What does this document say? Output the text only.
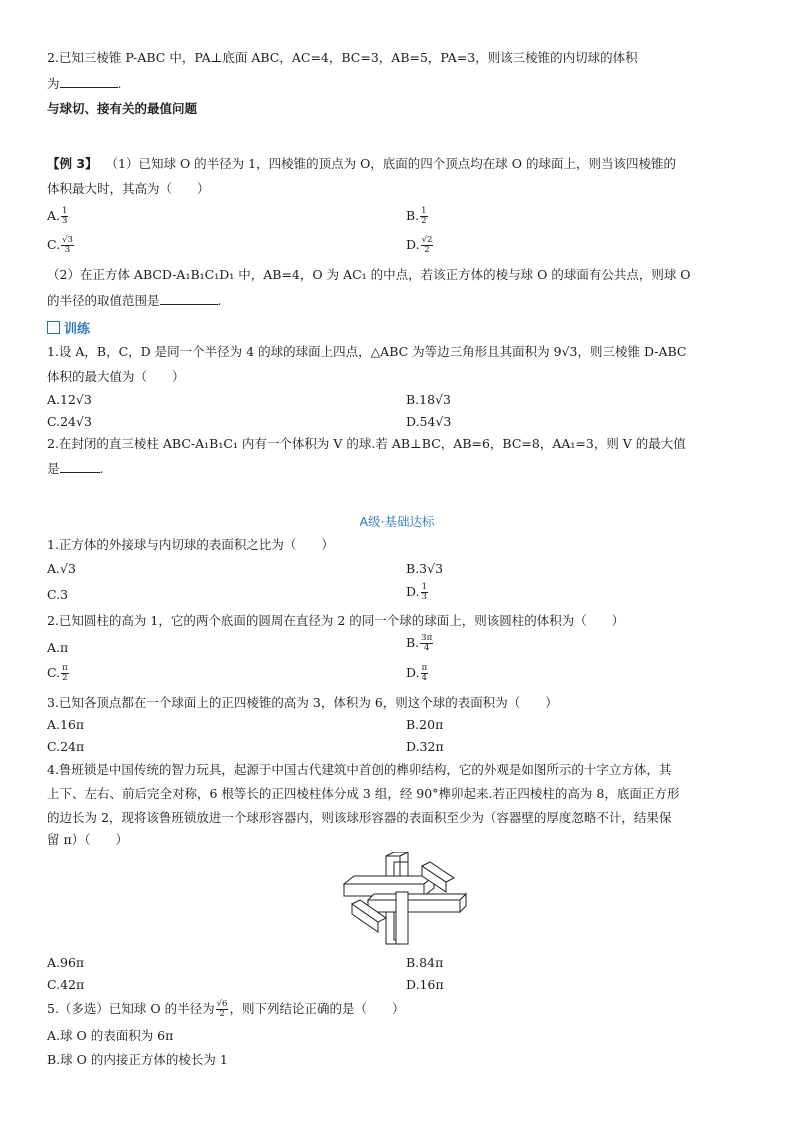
2.已知三棱锥 P-ABC 中，PA⊥底面 ABC，AC=4，BC=3，AB=5，PA=3，则该三棱锥的内切球的体积
为	.
与球切、接有关的最值问题
【例 3】 （1）已知球 O 的半径为 1，四棱锥的顶点为 O，底面的四个顶点均在球 O 的球面上，则当该四棱锥的
体积最大时，其高为（　　）
A. $\frac{1}{3}$	B. $\frac{1}{2}$
C. $\frac{√3}{3}$	D. $\frac{√2}{2}$
（2）在正方体 ABCD-A₁B₁C₁D₁ 中，AB=4，O 为 AC₁ 的中点，若该正方体的棱与球 O 的球面有公共点，则球 O
的半径的取值范围是	.
训练
1.设 A，B，C，D 是同一个半径为 4 的球的球面上四点，△ABC 为等边三角形且其面积为 9√3，则三棱锥 D-ABC
体积的最大值为（　　）
A.12√3	B.18√3
C.24√3	D.54√3
2.在封闭的直三棱柱 ABC-A₁B₁C₁ 内有一个体积为 V 的球.若 AB⊥BC，AB=6，BC=8，AA₁=3，则 V 的最大值
是	.
A级·基础达标
1.正方体的外接球与内切球的表面积之比为（　　）
A.√3	B.3√3
C.3	D. $\frac{1}{3}$
2.已知圆柱的高为 1，它的两个底面的圆周在直径为 2 的同一个球的球面上，则该圆柱的体积为（　　）
A.π	B. $\frac{3\pi}{4}$
C. $\frac{\pi}{2}$	D. $\frac{\pi}{4}$
3.已知各顶点都在一个球面上的正四棱锥的高为 3，体积为 6，则这个球的表面积为（　　）
A.16π	B.20π
C.24π	D.32π
4.鲁班锁是中国传统的智力玩具，起源于中国古代建筑中首创的榫卯结构，它的外观是如图所示的十字立方体，其
上下、左右、前后完全对称，6 根等长的正四棱柱体分成 3 组，经 90°榫卯起来.若正四棱柱的高为 8，底面正方形
的边长为 2，现将该鲁班锁放进一个球形容器内，则该球形容器的表面积至少为（容器壁的厚度忽略不计，结果保
留 π）（　　）
A.96π	B.84π
C.42π	D.16π
5.（多选）已知球 O 的半径为 $\frac{√6}{2}$ ，则下列结论正确的是（　　）
A.球 O 的表面积为 6π
B.球 O 的内接正方体的棱长为 1
